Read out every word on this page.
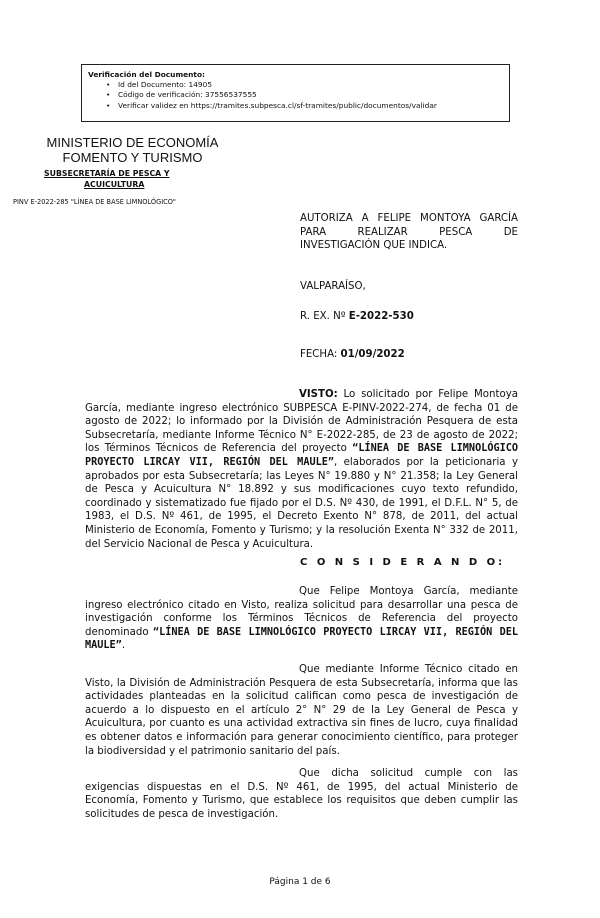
Verificación del Documento:
• Id del Documento: 14905
• Código de verificación: 37556537555
• Verificar validez en https://tramites.subpesca.cl/sf-tramites/public/documentos/validar
MINISTERIO DE ECONOMÍA
FOMENTO Y TURISMO
SUBSECRETARÍA DE PESCA Y
ACUICULTURA
PINV E-2022-285 "LÍNEA DE BASE LIMNOLÓGICO"
AUTORIZA A FELIPE MONTOYA GARCÍA
PARA REALIZAR PESCA DE
INVESTIGACIÓN QUE INDICA.
VALPARAÍSO,
R. EX. Nº E-2022-530
FECHA: 01/09/2022

VISTO: Lo solicitado por Felipe Montoya García, mediante ingreso electrónico SUBPESCA E-PINV-2022-274, de fecha 01 de agosto de 2022; lo informado por la División de Administración Pesquera de esta Subsecretaría, mediante Informe Técnico N° E-2022-285, de 23 de agosto de 2022; los Términos Técnicos de Referencia del proyecto “LÍNEA DE BASE LIMNOLÓGICO PROYECTO LIRCAY VII, REGIÓN DEL MAULE”, elaborados por la peticionaria y aprobados por esta Subsecretaría; las Leyes N° 19.880 y N° 21.358; la Ley General de Pesca y Acuicultura N° 18.892 y sus modificaciones cuyo texto refundido, coordinado y sistematizado fue fijado por el D.S. Nº 430, de 1991, el D.F.L. N° 5, de 1983, el D.S. Nº 461, de 1995, el Decreto Exento N° 878, de 2011, del actual Ministerio de Economía, Fomento y Turismo; y la resolución Exenta N° 332 de 2011, del Servicio Nacional de Pesca y Acuicultura.

C O N S I D E R A N D O:

Que Felipe Montoya García, mediante ingreso electrónico citado en Visto, realiza solicitud para desarrollar una pesca de investigación conforme los Términos Técnicos de Referencia del proyecto denominado “LÍNEA DE BASE LIMNOLÓGICO PROYECTO LIRCAY VII, REGIÓN DEL MAULE”.

Que mediante Informe Técnico citado en Visto, la División de Administración Pesquera de esta Subsecretaría, informa que las actividades planteadas en la solicitud califican como pesca de investigación de acuerdo a lo dispuesto en el artículo 2° N° 29 de la Ley General de Pesca y Acuicultura, por cuanto es una actividad extractiva sin fines de lucro, cuya finalidad es obtener datos e información para generar conocimiento científico, para proteger la biodiversidad y el patrimonio sanitario del país.

Que dicha solicitud cumple con las exigencias dispuestas en el D.S. Nº 461, de 1995, del actual Ministerio de Economía, Fomento y Turismo, que establece los requisitos que deben cumplir las solicitudes de pesca de investigación.

Página 1 de 6
